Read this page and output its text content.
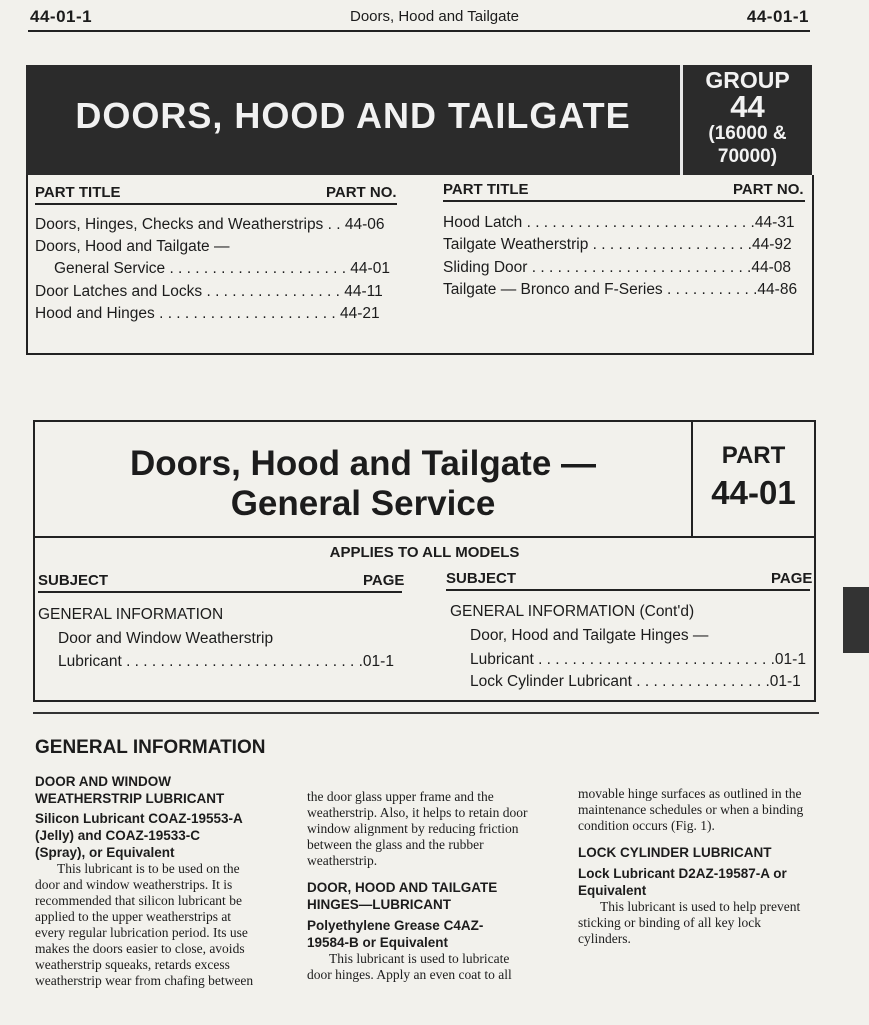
44-01-1	Doors, Hood and Tailgate	44-01-1
DOORS, HOOD AND TAILGATE
GROUP
44
(16000 &
70000)
PART TITLE	PART NO.	PART TITLE	PART NO.
Doors, Hinges, Checks and Weatherstrips . . 44-06
Doors, Hood and Tailgate —
General Service . . . . . . . . . . . . . . . . . . . . . 44-01
Door Latches and Locks . . . . . . . . . . . . . . . . 44-11
Hood and Hinges . . . . . . . . . . . . . . . . . . . . . 44-21
Hood Latch . . . . . . . . . . . . . . . . . . . . . . . . . . .44-31
Tailgate Weatherstrip . . . . . . . . . . . . . . . . . . .44-92
Sliding Door . . . . . . . . . . . . . . . . . . . . . . . . . .44-08
Tailgate — Bronco and F-Series . . . . . . . . . . .44-86
Doors, Hood and Tailgate —
General Service
PART
44-01
APPLIES TO ALL MODELS
SUBJECT	PAGE	SUBJECT	PAGE
GENERAL INFORMATION
Door and Window Weatherstrip
Lubricant . . . . . . . . . . . . . . . . . . . . . . . . . . . .01-1
GENERAL INFORMATION (Cont'd)
Door, Hood and Tailgate Hinges —
Lubricant . . . . . . . . . . . . . . . . . . . . . . . . . . . .01-1
Lock Cylinder Lubricant . . . . . . . . . . . . . . . .01-1
GENERAL INFORMATION
DOOR AND WINDOW
WEATHERSTRIP LUBRICANT
Silicon Lubricant COAZ-19553-A
(Jelly) and COAZ-19533-C
(Spray), or Equivalent
This lubricant is to be used on the
door and window weatherstrips. It is
recommended that silicon lubricant be
applied to the upper weatherstrips at
every regular lubrication period. Its use
makes the doors easier to close, avoids
weatherstrip squeaks, retards excess
weatherstrip wear from chafing between
the door glass upper frame and the
weatherstrip. Also, it helps to retain door
window alignment by reducing friction
between the glass and the rubber
weatherstrip.
DOOR, HOOD AND TAILGATE
HINGES—LUBRICANT
Polyethylene Grease C4AZ-
19584-B or Equivalent
This lubricant is used to lubricate
door hinges. Apply an even coat to all
movable hinge surfaces as outlined in the
maintenance schedules or when a binding
condition occurs (Fig. 1).
LOCK CYLINDER LUBRICANT
Lock Lubricant D2AZ-19587-A or
Equivalent
This lubricant is used to help prevent
sticking or binding of all key lock
cylinders.
